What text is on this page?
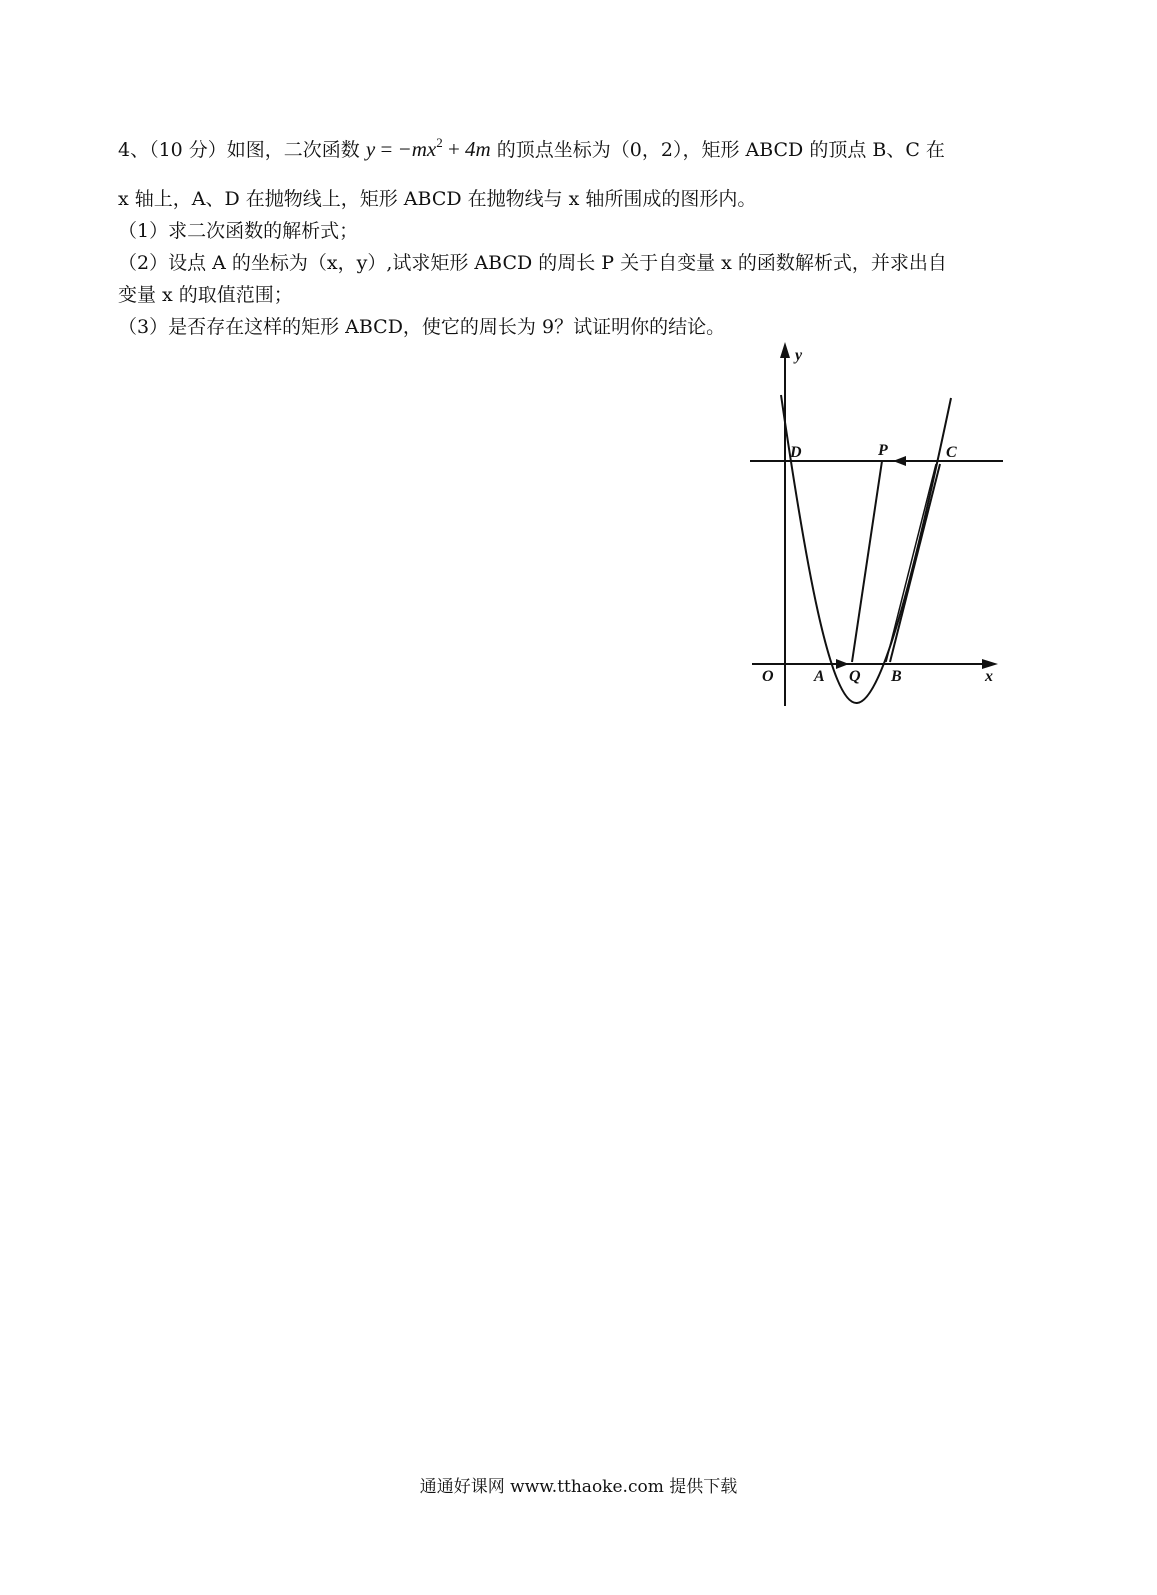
4、（10 分）如图，二次函数 $y = -mx^2 + 4m$ 的顶点坐标为（0，2），矩形 ABCD 的顶点 B、C 在
x 轴上，A、D 在抛物线上，矩形 ABCD 在抛物线与 x 轴所围成的图形内。
（1）求二次函数的解析式；
（2）设点 A 的坐标为（x，y）,试求矩形 ABCD 的周长 P 关于自变量 x 的函数解析式，并求出自
变量 x 的取值范围；
（3）是否存在这样的矩形 ABCD，使它的周长为 9？试证明你的结论。
y
x
O	A Q B
D	P	C
通通好课网 www.tthaoke.com 提供下载
